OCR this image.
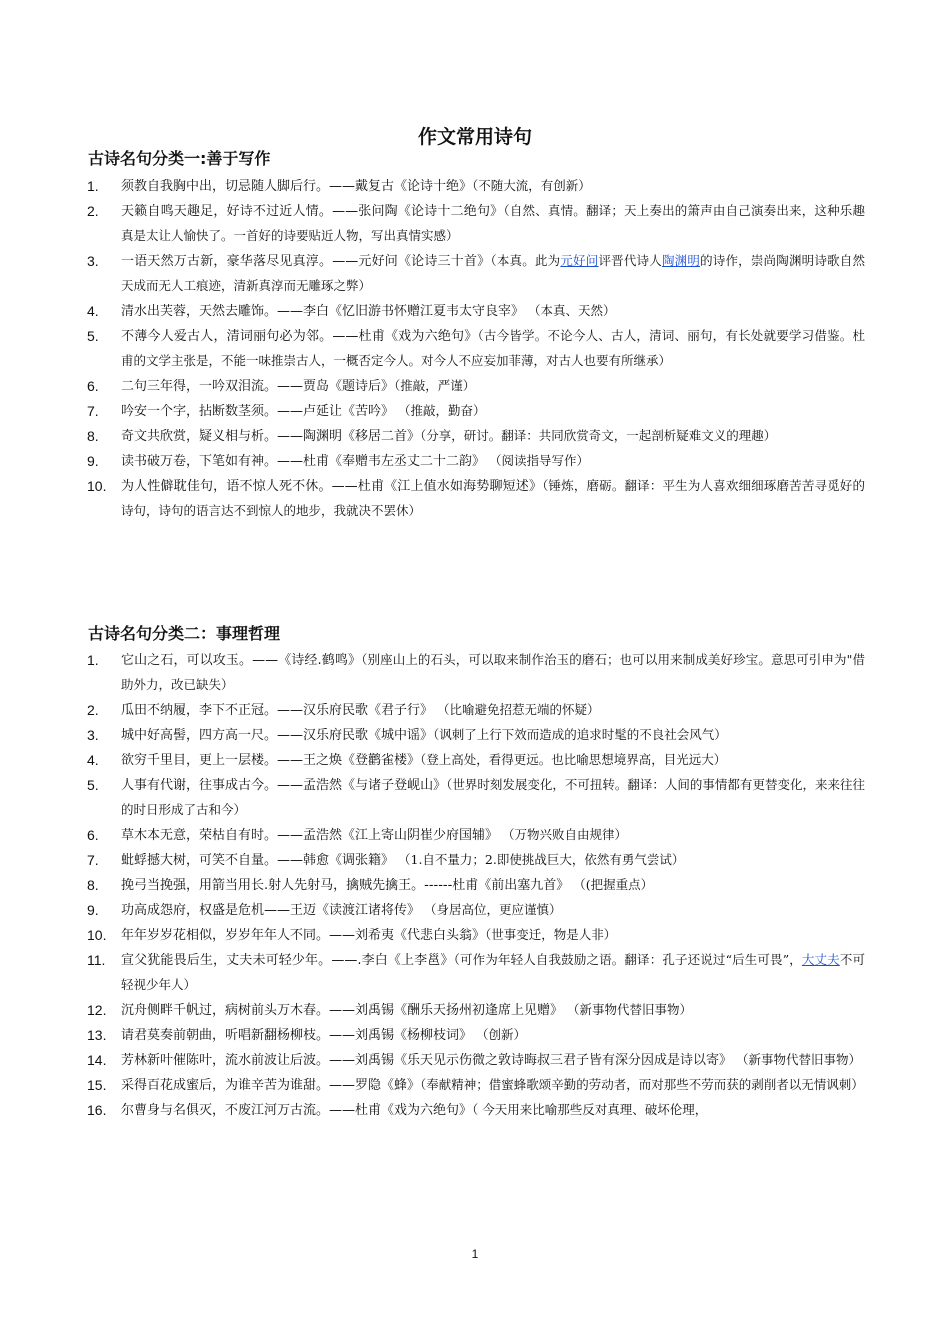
作文常用诗句
古诗名句分类一:善于写作
1.	须教自我胸中出，切忌随人脚后行。——戴复古《论诗十绝》（不随大流，有创新）
2.	天籁自鸣天趣足，好诗不过近人情。——张问陶《论诗十二绝句》（自然、真情。翻译；天上奏出的箫声由自己演奏出来，这种乐趣真是太让人愉快了。一首好的诗要贴近人物，写出真情实感）
3.	一语天然万古新，豪华落尽见真淳。——元好问《论诗三十首》（本真。此为元好问评晋代诗人陶渊明的诗作，崇尚陶渊明诗歌自然天成而无人工痕迹，清新真淳而无雕琢之弊）
4.	清水出芙蓉，天然去雕饰。——李白《忆旧游书怀赠江夏韦太守良宰》 （本真、天然）
5.	不薄今人爱古人，清词丽句必为邻。——杜甫《戏为六绝句》（古今皆学。不论今人、古人，清词、丽句，有长处就要学习借鉴。杜甫的文学主张是，不能一味推崇古人，一概否定今人。对今人不应妄加菲薄，对古人也要有所继承）
6.	二句三年得，一吟双泪流。——贾岛《题诗后》（推敲，严谨）
7.	吟安一个字，拈断数茎须。——卢延让《苦吟》 （推敲，勤奋）
8.	奇文共欣赏，疑义相与析。——陶渊明《移居二首》（分享，研讨。翻译：共同欣赏奇文，一起剖析疑难文义的理趣）
9.	读书破万卷，下笔如有神。——杜甫《奉赠韦左丞丈二十二韵》 （阅读指导写作）
10.	为人性僻耽佳句，语不惊人死不休。——杜甫《江上值水如海势聊短述》（锤炼，磨砺。翻译：平生为人喜欢细细琢磨苦苦寻觅好的诗句，诗句的语言达不到惊人的地步，我就决不罢休）
古诗名句分类二：事理哲理
1.	它山之石，可以攻玉。——《诗经.鹤鸣》（别座山上的石头，可以取来制作治玉的磨石；也可以用来制成美好珍宝。意思可引申为"借助外力，改已缺失）
2.	瓜田不纳履，李下不正冠。——汉乐府民歌《君子行》 （比喻避免招惹无端的怀疑）
3.	城中好高髻，四方高一尺。——汉乐府民歌《城中谣》（讽刺了上行下效而造成的追求时髦的不良社会风气）
4.	欲穷千里目，更上一层楼。——王之焕《登鹳雀楼》（登上高处，看得更远。也比喻思想境界高，目光远大）
5.	人事有代谢，往事成古今。——孟浩然《与诸子登岘山》（世界时刻发展变化，不可扭转。翻译：人间的事情都有更替变化，来来往往的时日形成了古和今）
6.	草木本无意，荣枯自有时。——孟浩然《江上寄山阴崔少府国辅》 （万物兴败自由规律）
7.	蚍蜉撼大树，可笑不自量。——韩愈《调张籍》 （1.自不量力；2.即使挑战巨大，依然有勇气尝试）
8.	挽弓当挽强，用箭当用长.射人先射马，擒贼先擒王。------杜甫《前出塞九首》 （(把握重点）
9.	功高成怨府，权盛是危机——王迈《读渡江诸将传》 （身居高位，更应谨慎）
10.	年年岁岁花相似，岁岁年年人不同。——刘希夷《代悲白头翁》（世事变迁，物是人非）
11.	宣父犹能畏后生，丈夫未可轻少年。——.李白《上李邕》（可作为年轻人自我鼓励之语。翻译：孔子还说过“后生可畏”，大丈夫不可轻视少年人）
12.	沉舟侧畔千帆过，病树前头万木春。——刘禹锡《酬乐天扬州初逢席上见赠》 （新事物代替旧事物）
13.	请君莫奏前朝曲，听唱新翻杨柳枝。——刘禹锡《杨柳枝词》 （创新）
14.	芳林新叶催陈叶，流水前波让后波。——刘禹锡《乐天见示伤微之敦诗晦叔三君子皆有深分因成是诗以寄》 （新事物代替旧事物）
15.	采得百花成蜜后，为谁辛苦为谁甜。——罗隐《蜂》（奉献精神；借蜜蜂歌颂辛勤的劳动者，而对那些不劳而获的剥削者以无情讽刺）
16.	尔曹身与名俱灭，不废江河万古流。——杜甫《戏为六绝句》（ 今天用来比喻那些反对真理、破坏伦理，
1
